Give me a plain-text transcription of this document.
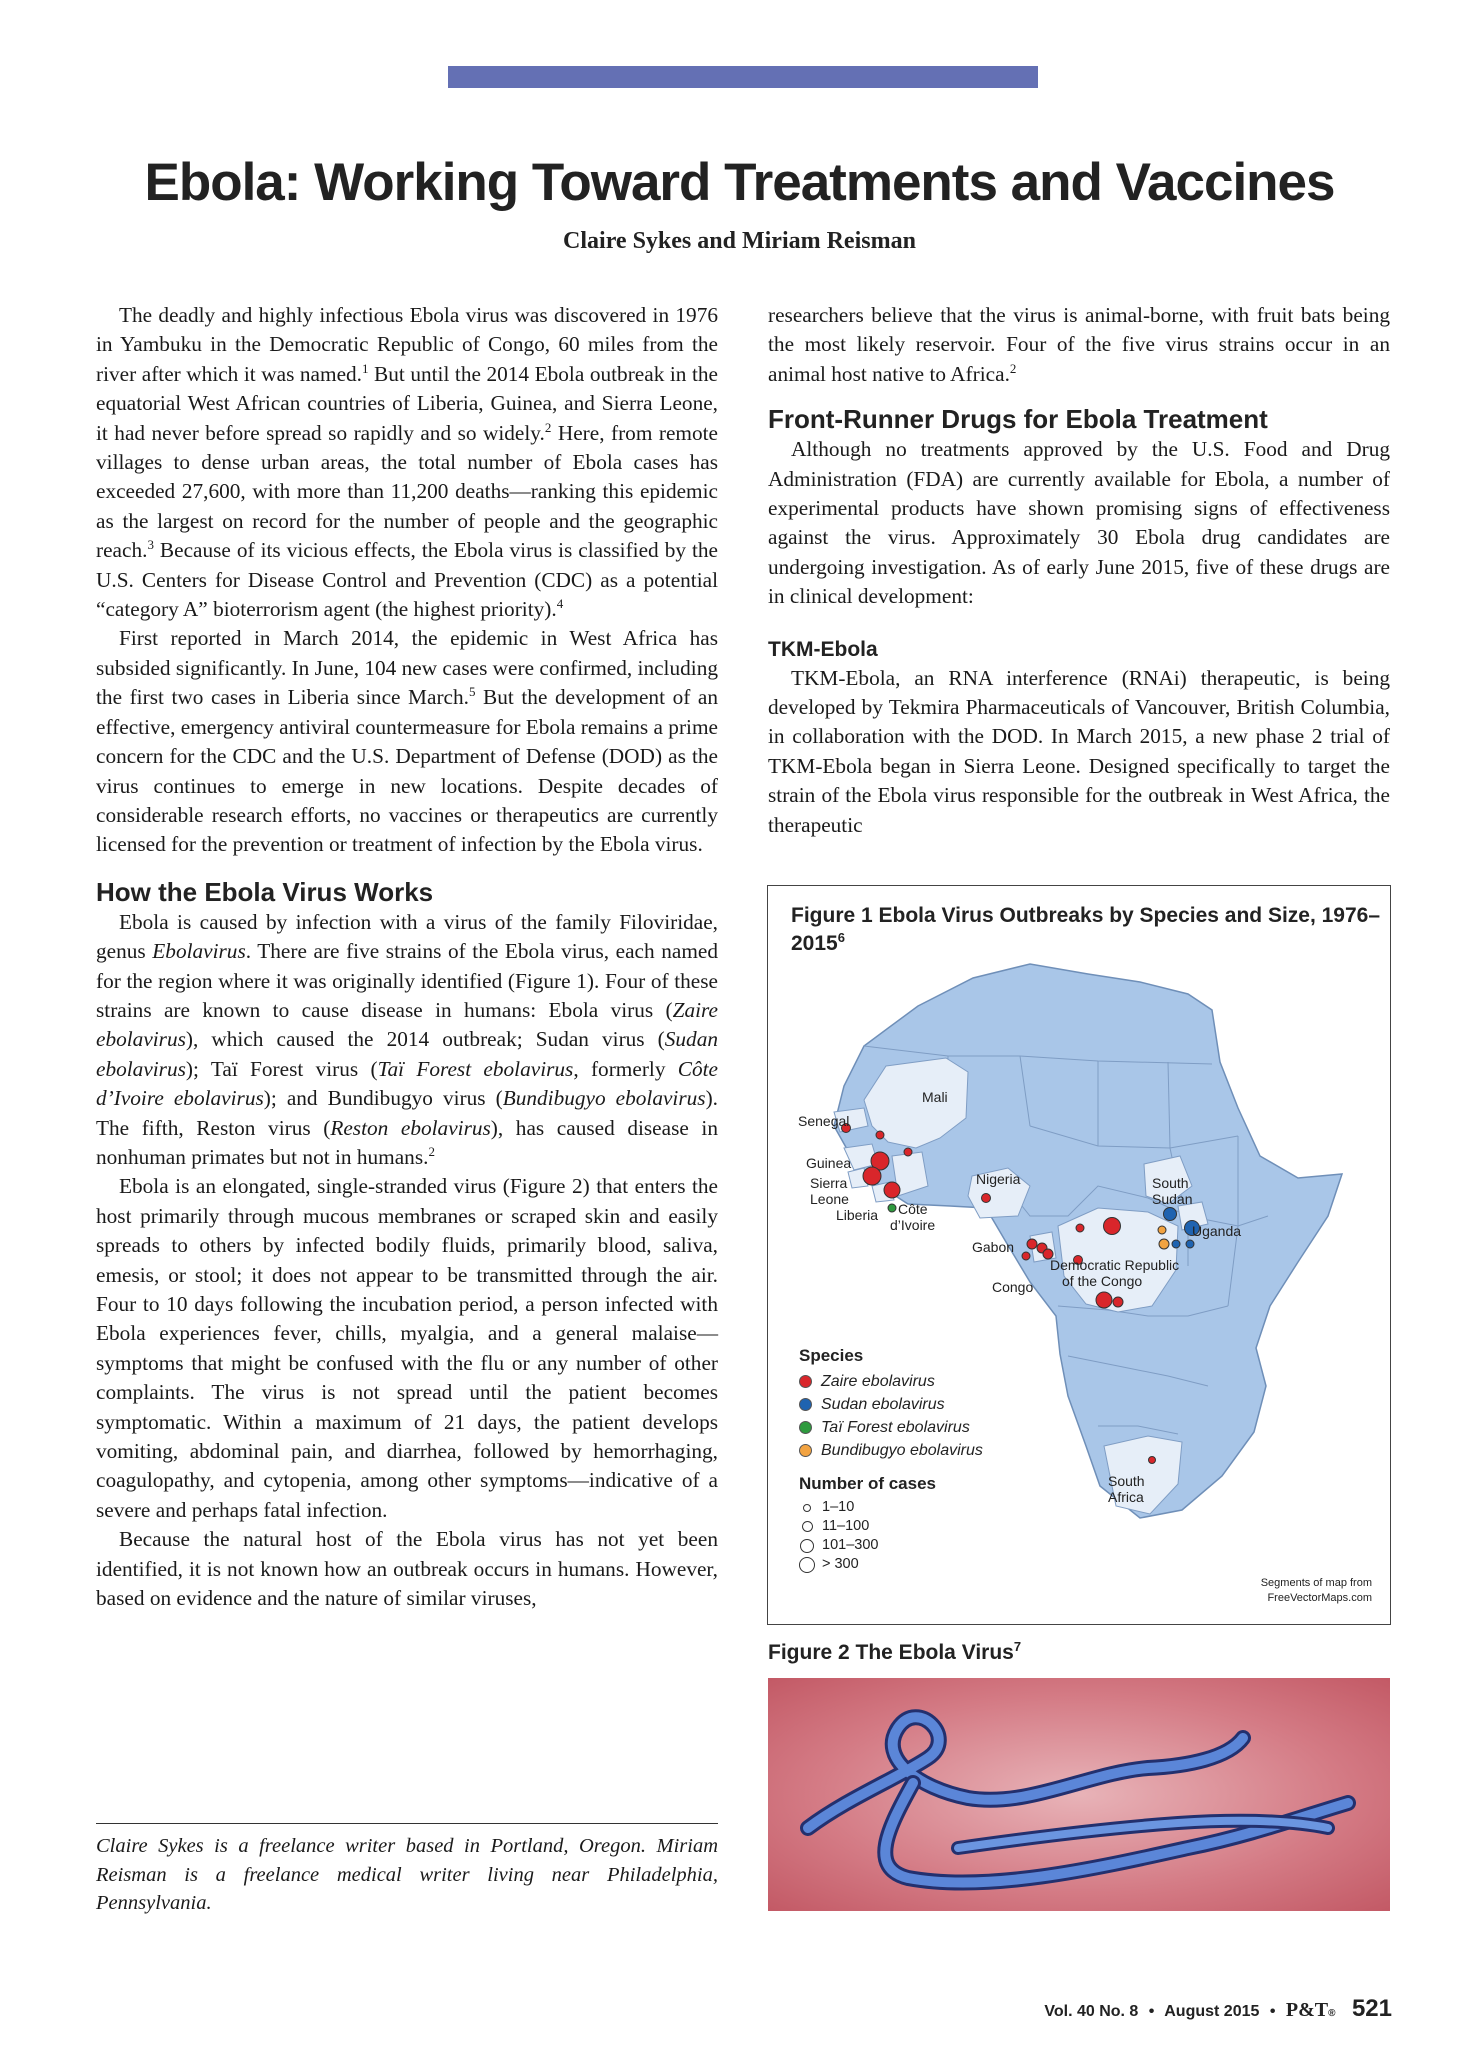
Ebola: Working Toward Treatments and Vaccines
Claire Sykes and Miriam Reisman

The deadly and highly infectious Ebola virus was discovered in 1976 in Yambuku in the Democratic Republic of Congo, 60 miles from the river after which it was named.$^1$ But until the 2014 Ebola outbreak in the equatorial West African countries of Liberia, Guinea, and Sierra Leone, it had never before spread so rapidly and so widely.$^2$ Here, from remote villages to dense urban areas, the total number of Ebola cases has exceeded 27,600, with more than 11,200 deaths—ranking this epidemic as the largest on record for the number of people and the geographic reach.$^3$ Because of its vicious effects, the Ebola virus is classified by the U.S. Centers for Disease Control and Prevention (CDC) as a potential “category A” bioterrorism agent (the highest priority).$^4$

First reported in March 2014, the epidemic in West Africa has subsided significantly. In June, 104 new cases were confirmed, including the first two cases in Liberia since March.$^5$ But the development of an effective, emergency antiviral countermeasure for Ebola remains a prime concern for the CDC and the U.S. Department of Defense (DOD) as the virus continues to emerge in new locations. Despite decades of considerable research efforts, no vaccines or therapeutics are currently licensed for the prevention or treatment of infection by the Ebola virus.

How the Ebola Virus Works

Ebola is caused by infection with a virus of the family Filoviridae, genus Ebolavirus. There are five strains of the Ebola virus, each named for the region where it was originally identified (Figure 1). Four of these strains are known to cause disease in humans: Ebola virus (Zaire ebolavirus), which caused the 2014 outbreak; Sudan virus (Sudan ebolavirus); Taï Forest virus (Taï Forest ebolavirus, formerly Côte d’Ivoire ebolavirus); and Bundibugyo virus (Bundibugyo ebolavirus). The fifth, Reston virus (Reston ebolavirus), has caused disease in nonhuman primates but not in humans.$^2$

Ebola is an elongated, single-stranded virus (Figure 2) that enters the host primarily through mucous membranes or scraped skin and easily spreads to others by infected bodily fluids, primarily blood, saliva, emesis, or stool; it does not appear to be transmitted through the air. Four to 10 days following the incubation period, a person infected with Ebola experiences fever, chills, myalgia, and a general malaise—symptoms that might be confused with the flu or any number of other complaints. The virus is not spread until the patient becomes symptomatic. Within a maximum of 21 days, the patient develops vomiting, abdominal pain, and diarrhea, followed by hemorrhaging, coagulopathy, and cytopenia, among other symptoms—indicative of a severe and perhaps fatal infection.

Because the natural host of the Ebola virus has not yet been identified, it is not known how an outbreak occurs in humans. However, based on evidence and the nature of similar viruses,

Claire Sykes is a freelance writer based in Portland, Oregon. Miriam Reisman is a freelance medical writer living near Philadelphia, Pennsylvania.

researchers believe that the virus is animal-borne, with fruit bats being the most likely reservoir. Four of the five virus strains occur in an animal host native to Africa.$^2$

Front-Runner Drugs for Ebola Treatment

Although no treatments approved by the U.S. Food and Drug Administration (FDA) are currently available for Ebola, a number of experimental products have shown promising signs of effectiveness against the virus. Approximately 30 Ebola drug candidates are undergoing investigation. As of early June 2015, five of these drugs are in clinical development:

TKM-Ebola

TKM-Ebola, an RNA interference (RNAi) therapeutic, is being developed by Tekmira Pharmaceuticals of Vancouver, British Columbia, in collaboration with the DOD. In March 2015, a new phase 2 trial of TKM-Ebola began in Sierra Leone. Designed specifically to target the strain of the Ebola virus responsible for the outbreak in West Africa, the therapeutic

Senegal
Mali
Guinea
Sierra
Leone
Liberia Côte
d’Ivoire
Nigeria	South
Sudan
Uganda
Gabon
Congo
Democratic Republic
of the Congo
South
Africa
Figure 1 Ebola Virus Outbreaks by Species and Size, 1976–2015$^6$
Species
Zaire ebolavirus
Sudan ebolavirus
Taï Forest ebolavirus
Bundibugyo ebolavirus
Number of cases
1–10
11–100
101–300
> 300
Segments of map from
FreeVectorMaps.com
Figure 2 The Ebola Virus$^7$
Vol. 40 No. 8 • August 2015 • P&T® 521
